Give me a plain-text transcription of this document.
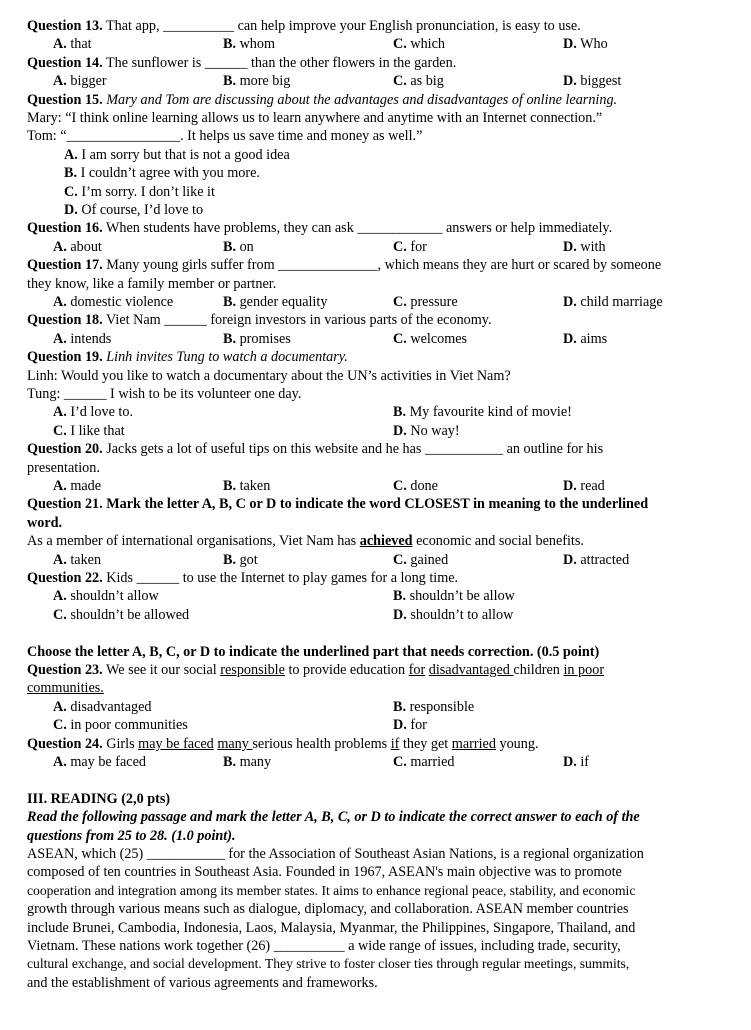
Question 13. That app, __________ can help improve your English pronunciation, is easy to use.
A. that	B. whom	C. which	D. Who
Question 14. The sunflower is ______ than the other flowers in the garden.
A. bigger	B. more big	C. as big	D. biggest
Question 15. Mary and Tom are discussing about the advantages and disadvantages of online learning.
Mary: “I think online learning allows us to learn anywhere and anytime with an Internet connection.”
Tom: “________________. It helps us save time and money as well.”
A. I am sorry but that is not a good idea
B. I couldn’t agree with you more.
C. I’m sorry. I don’t like it
D. Of course, I’d love to
Question 16. When students have problems, they can ask ____________ answers or help immediately.
A. about	B. on	C. for	D. with
Question 17. Many young girls suffer from ______________, which means they are hurt or scared by someone
they know, like a family member or partner.
A. domestic violence	B. gender equality	C. pressure	D. child marriage
Question 18. Viet Nam ______ foreign investors in various parts of the economy.
A. intends	B. promises	C. welcomes	D. aims
Question 19. Linh invites Tung to watch a documentary.
Linh: Would you like to watch a documentary about the UN’s activities in Viet Nam?
Tung: ______ I wish to be its volunteer one day.
A. I’d love to.	B. My favourite kind of movie!
C. I like that	D. No way!
Question 20. Jacks gets a lot of useful tips on this website and he has ___________ an outline for his
presentation.
A. made	B. taken	C. done	D. read
Question 21. Mark the letter A, B, C or D to indicate the word CLOSEST in meaning to the underlined
word.
As a member of international organisations, Viet Nam has achieved economic and social benefits.
A. taken	B. got	C. gained	D. attracted
Question 22. Kids ______ to use the Internet to play games for a long time.
A. shouldn’t allow	B. shouldn’t be allow
C. shouldn’t be allowed	D. shouldn’t to allow
Choose the letter A, B, C, or D to indicate the underlined part that needs correction. (0.5 point)
Question 23. We see it our social responsible to provide education for disadvantaged children in poor
communities.
A. disadvantaged	B. responsible
C. in poor communities	D. for
Question 24. Girls may be faced many serious health problems if they get married young.
A. may be faced	B. many	C. married	D. if
III. READING (2,0 pts)
Read the following passage and mark the letter A, B, C, or D to indicate the correct answer to each of the
questions from 25 to 28. (1.0 point).
ASEAN, which (25) ___________ for the Association of Southeast Asian Nations, is a regional organization
composed of ten countries in Southeast Asia. Founded in 1967, ASEAN's main objective was to promote
cooperation and integration among its member states. It aims to enhance regional peace, stability, and economic
growth through various means such as dialogue, diplomacy, and collaboration. ASEAN member countries
include Brunei, Cambodia, Indonesia, Laos, Malaysia, Myanmar, the Philippines, Singapore, Thailand, and
Vietnam. These nations work together (26) __________ a wide range of issues, including trade, security,
cultural exchange, and social development. They strive to foster closer ties through regular meetings, summits,
and the establishment of various agreements and frameworks.
